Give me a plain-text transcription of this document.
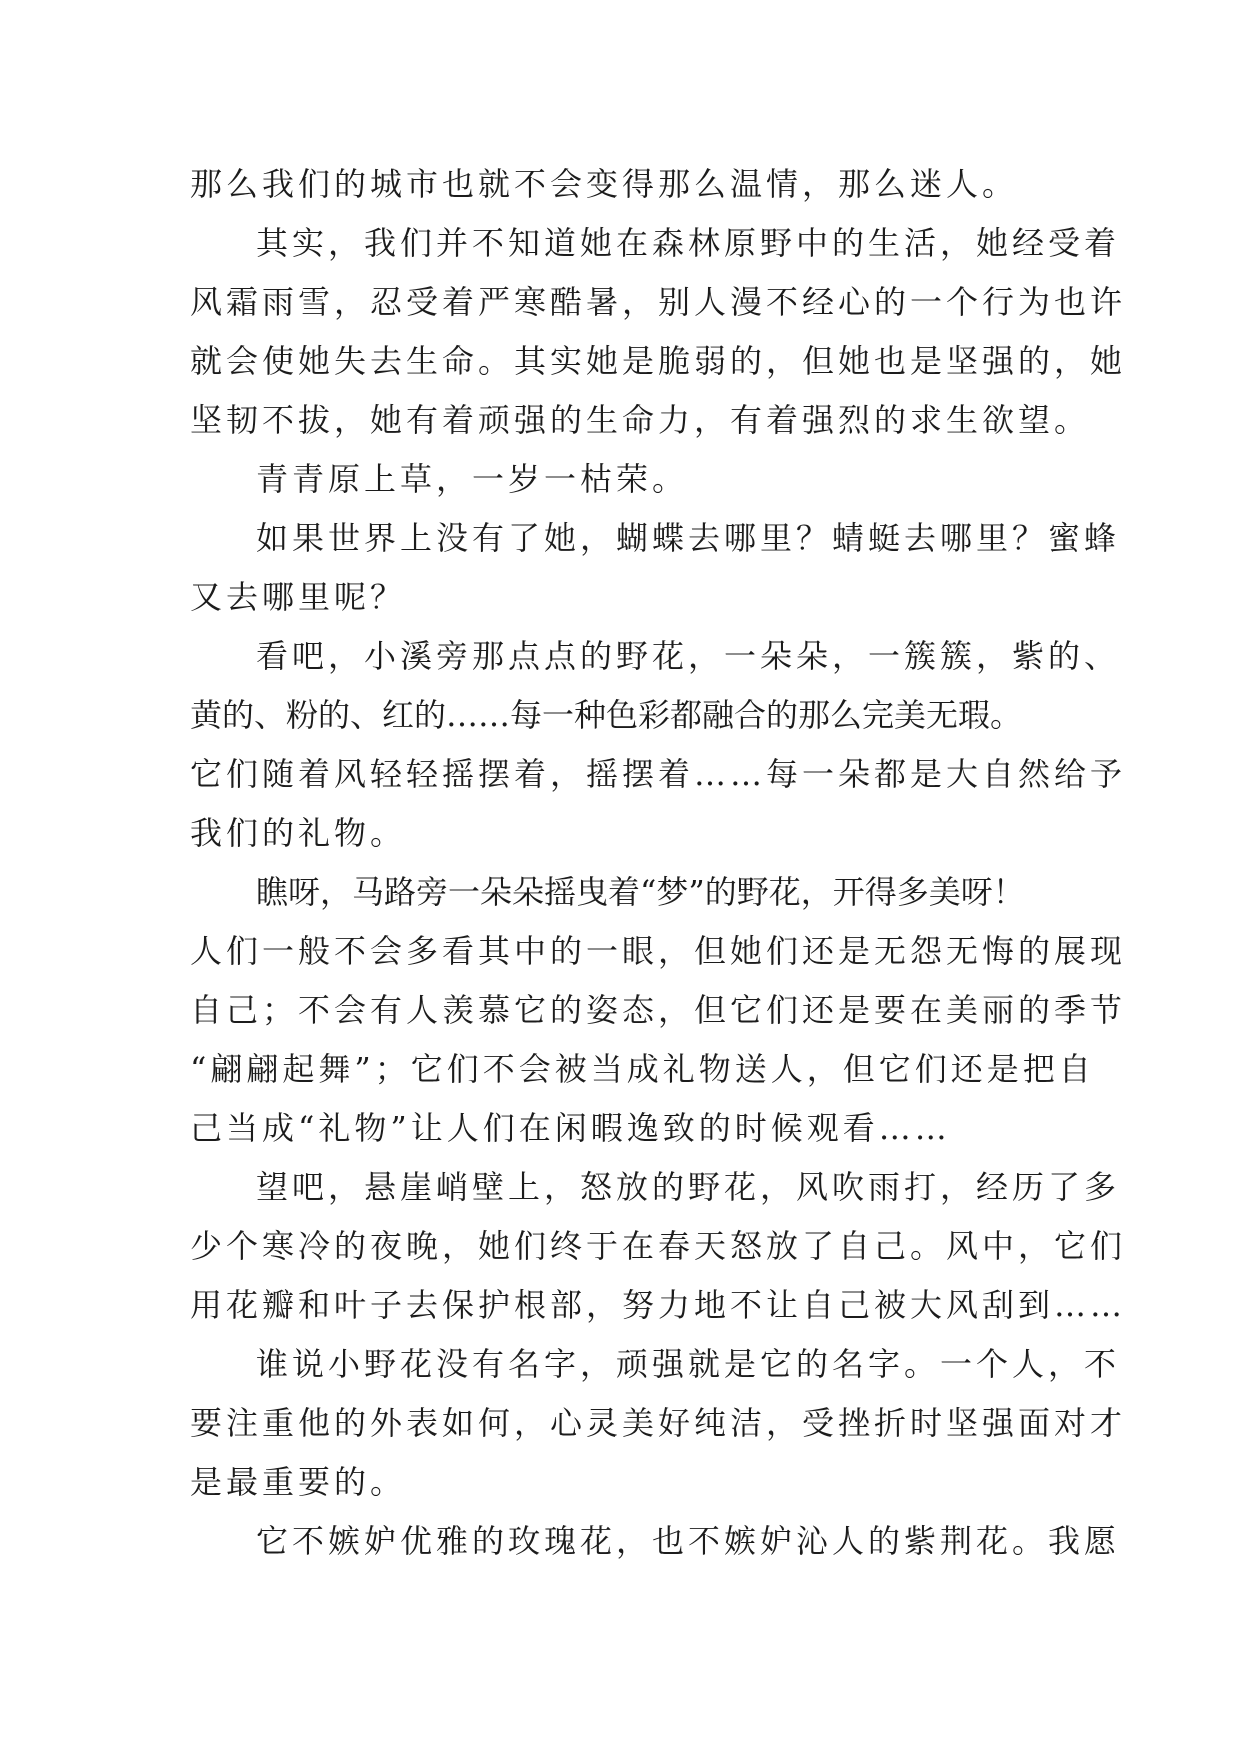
那么我们的城市也就不会变得那么温情，那么迷人。
其实，我们并不知道她在森林原野中的生活，她经受着
风霜雨雪，忍受着严寒酷暑，别人漫不经心的一个行为也许
就会使她失去生命。其实她是脆弱的，但她也是坚强的，她
坚韧不拔，她有着顽强的生命力，有着强烈的求生欲望。
青青原上草，一岁一枯荣。
如果世界上没有了她，蝴蝶去哪里？蜻蜓去哪里？蜜蜂
又去哪里呢？
看吧，小溪旁那点点的野花，一朵朵，一簇簇，紫的、
黄的、粉的、红的……每一种色彩都融合的那么完美无瑕。
它们随着风轻轻摇摆着，摇摆着……每一朵都是大自然给予
我们的礼物。
瞧呀，马路旁一朵朵摇曳着“梦”的野花，开得多美呀！
人们一般不会多看其中的一眼，但她们还是无怨无悔的展现
自己；不会有人羡慕它的姿态，但它们还是要在美丽的季节
“翩翩起舞”；它们不会被当成礼物送人，但它们还是把自
己当成“礼物”让人们在闲暇逸致的时候观看……
望吧，悬崖峭壁上，怒放的野花，风吹雨打，经历了多
少个寒冷的夜晚，她们终于在春天怒放了自己。风中，它们
用花瓣和叶子去保护根部，努力地不让自己被大风刮到……
谁说小野花没有名字，顽强就是它的名字。一个人，不
要注重他的外表如何，心灵美好纯洁，受挫折时坚强面对才
是最重要的。
它不嫉妒优雅的玫瑰花，也不嫉妒沁人的紫荆花。我愿
